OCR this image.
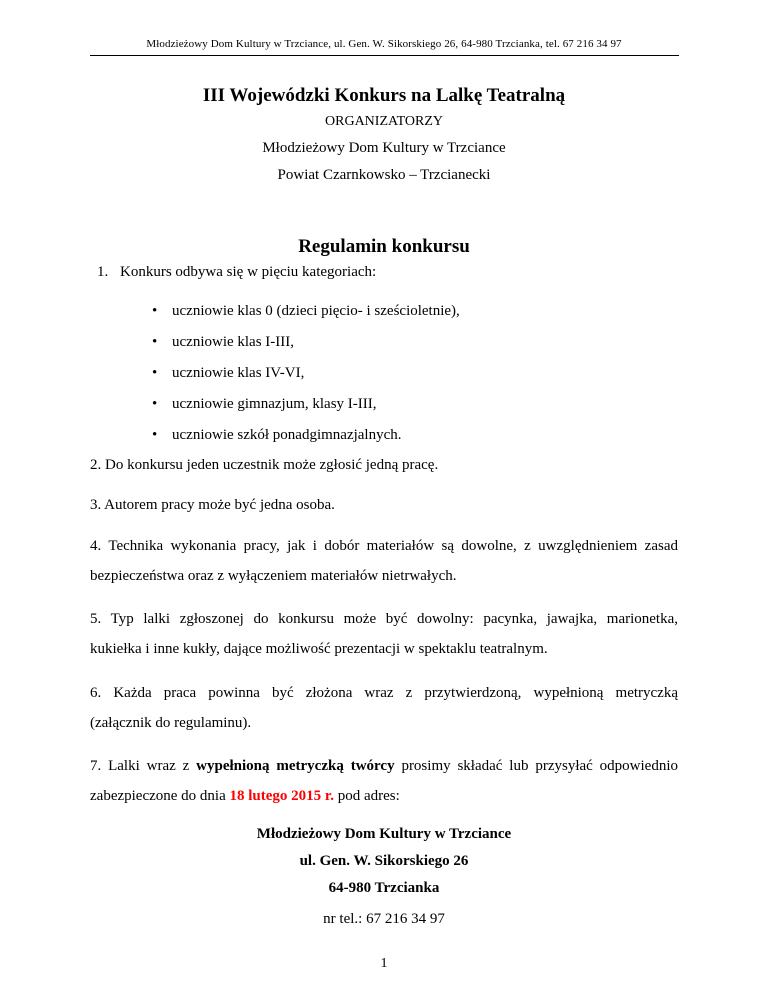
Młodzieżowy Dom Kultury w Trzciance, ul. Gen. W. Sikorskiego 26, 64-980 Trzcianka, tel. 67 216 34 97
III Wojewódzki Konkurs na Lalkę Teatralną
ORGANIZATORZY
Młodzieżowy Dom Kultury w Trzciance
Powiat Czarnkowsko – Trzcianecki
Regulamin konkursu
1. Konkurs odbywa się w pięciu kategoriach:
• uczniowie klas 0 (dzieci pięcio- i sześcioletnie),
• uczniowie klas I-III,
• uczniowie klas IV-VI,
• uczniowie gimnazjum, klasy I-III,
• uczniowie szkół ponadgimnazjalnych.
2. Do konkursu jeden uczestnik może zgłosić jedną pracę.
3. Autorem pracy może być jedna osoba.
4. Technika wykonania pracy, jak i dobór materiałów są dowolne, z uwzględnieniem zasad
bezpieczeństwa oraz z wyłączeniem materiałów nietrwałych.
5. Typ lalki zgłoszonej do konkursu może być dowolny: pacynka, jawajka, marionetka,
kukiełka i inne kukły, dające możliwość prezentacji w spektaklu teatralnym.
6. Każda praca powinna być złożona wraz z przytwierdzoną, wypełnioną metryczką
(załącznik do regulaminu).
7. Lalki wraz z wypełnioną metryczką twórcy prosimy składać lub przysyłać odpowiednio
zabezpieczone do dnia 18 lutego 2015 r. pod adres:
Młodzieżowy Dom Kultury w Trzciance
ul. Gen. W. Sikorskiego 26
64-980 Trzcianka
nr tel.: 67 216 34 97
1
